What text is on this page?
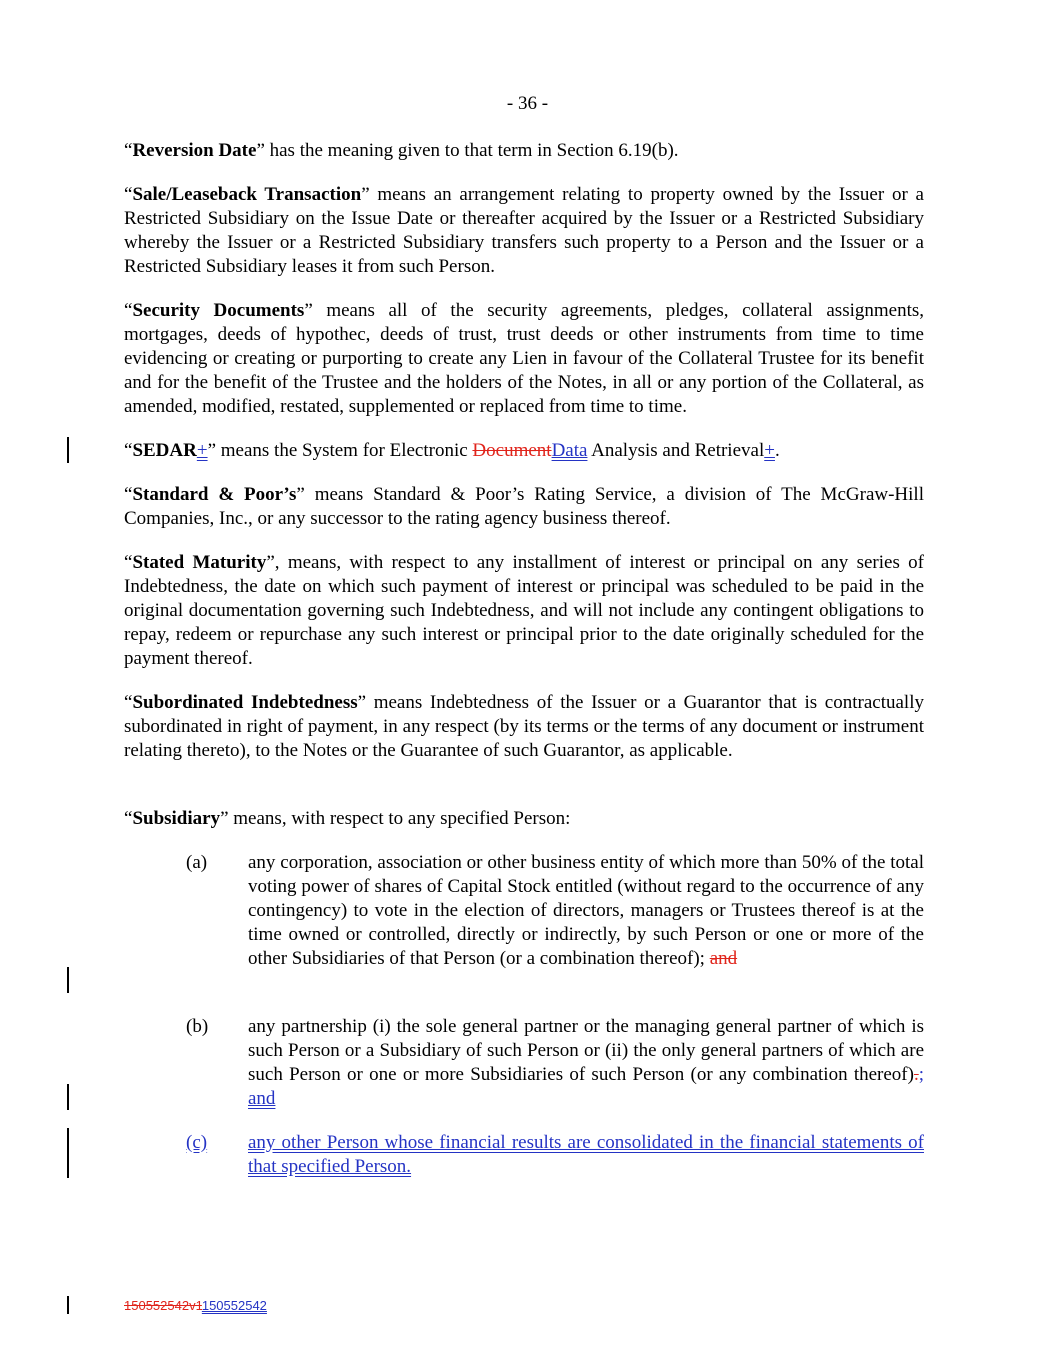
- 36 -

“Reversion Date” has the meaning given to that term in Section 6.19(b).

“Sale/Leaseback Transaction” means an arrangement relating to property owned by the Issuer or a Restricted Subsidiary on the Issue Date or thereafter acquired by the Issuer or a Restricted Subsidiary whereby the Issuer or a Restricted Subsidiary transfers such property to a Person and the Issuer or a Restricted Subsidiary leases it from such Person.

“Security Documents” means all of the security agreements, pledges, collateral assignments, mortgages, deeds of hypothec, deeds of trust, trust deeds or other instruments from time to time evidencing or creating or purporting to create any Lien in favour of the Collateral Trustee for its benefit and for the benefit of the Trustee and the holders of the Notes, in all or any portion of the Collateral, as amended, modified, restated, supplemented or replaced from time to time.

“SEDAR+” means the System for Electronic DocumentData Analysis and Retrieval+.

“Standard & Poor’s” means Standard & Poor’s Rating Service, a division of The McGraw-Hill Companies, Inc., or any successor to the rating agency business thereof.

“Stated Maturity”, means, with respect to any installment of interest or principal on any series of Indebtedness, the date on which such payment of interest or principal was scheduled to be paid in the original documentation governing such Indebtedness, and will not include any contingent obligations to repay, redeem or repurchase any such interest or principal prior to the date originally scheduled for the payment thereof.

“Subordinated Indebtedness” means Indebtedness of the Issuer or a Guarantor that is contractually subordinated in right of payment, in any respect (by its terms or the terms of any document or instrument relating thereto), to the Notes or the Guarantee of such Guarantor, as applicable.

“Subsidiary” means, with respect to any specified Person:

(a) any corporation, association or other business entity of which more than 50% of the total voting power of shares of Capital Stock entitled (without regard to the occurrence of any contingency) to vote in the election of directors, managers or Trustees thereof is at the time owned or controlled, directly or indirectly, by such Person or one or more of the other Subsidiaries of that Person (or a combination thereof); and
(b) any partnership (i) the sole general partner or the managing general partner of which is such Person or a Subsidiary of such Person or (ii) the only general partners of which are such Person or one or more Subsidiaries of such Person (or any combination thereof).; and
(c) any other Person whose financial results are consolidated in the financial statements of that specified Person.
150552542v1150552542
